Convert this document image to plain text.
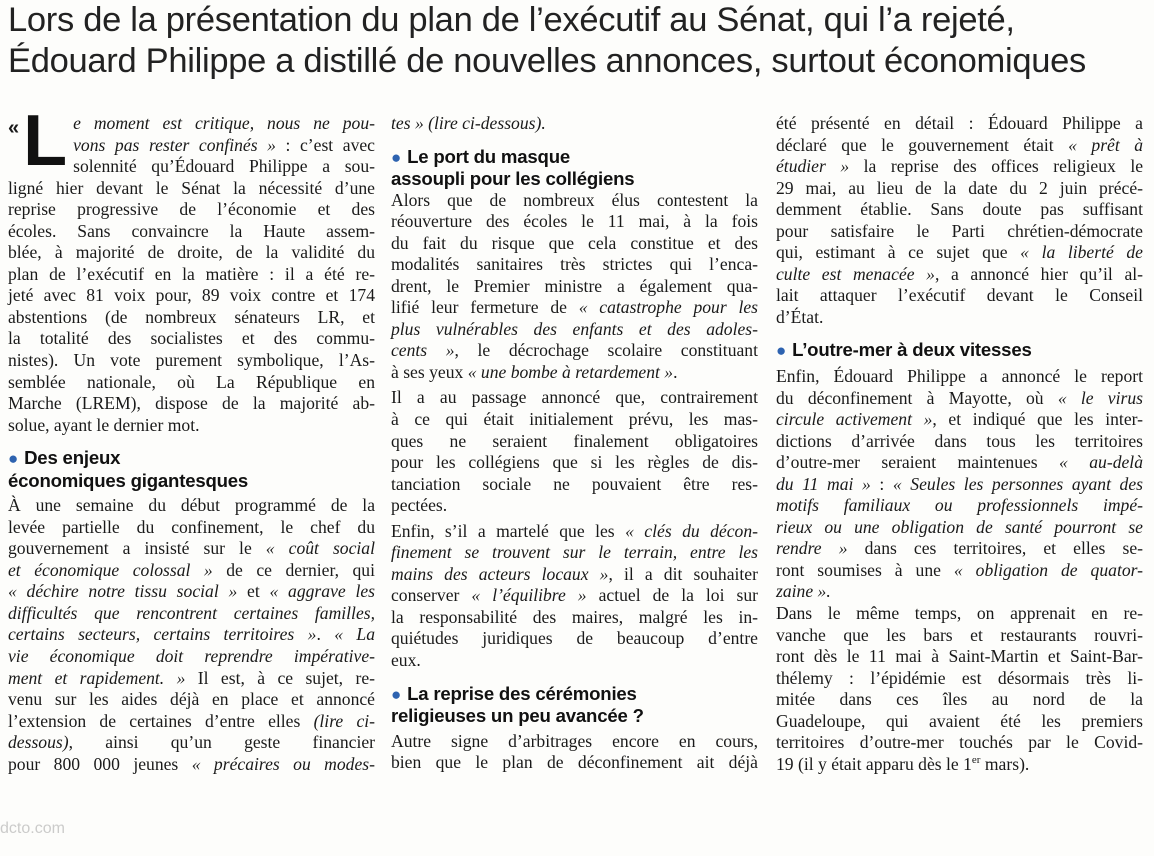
Lors de la présentation du plan de l’exécutif au Sénat, qui l’a rejeté,
Édouard Philippe a distillé de nouvelles annonces, surtout économiques
« L e moment est critique, nous ne pou-
vons pas rester confinés » : c’est avec
solennité qu’Édouard Philippe a sou-
ligné hier devant le Sénat la nécessité d’une
reprise progressive de l’économie et des
écoles. Sans convaincre la Haute assem-
blée, à majorité de droite, de la validité du
plan de l’exécutif en la matière : il a été re-
jeté avec 81 voix pour, 89 voix contre et 174
abstentions (de nombreux sénateurs LR, et
la totalité des socialistes et des commu-
nistes). Un vote purement symbolique, l’As-
semblée nationale, où La République en
Marche (LREM), dispose de la majorité ab-
solue, ayant le dernier mot.
● Des enjeux
économiques gigantesques
À une semaine du début programmé de la
levée partielle du confinement, le chef du
gouvernement a insisté sur le « coût social
et économique colossal » de ce dernier, qui
« déchire notre tissu social » et « aggrave les
difficultés que rencontrent certaines familles,
certains secteurs, certains territoires ». « La
vie économique doit reprendre impérative-
ment et rapidement. » Il est, à ce sujet, re-
venu sur les aides déjà en place et annoncé
l’extension de certaines d’entre elles (lire ci-
dessous), ainsi qu’un geste financier
pour 800 000 jeunes « précaires ou modes-
tes » (lire ci-dessous).
● Le port du masque
assoupli pour les collégiens
Alors que de nombreux élus contestent la
réouverture des écoles le 11 mai, à la fois
du fait du risque que cela constitue et des
modalités sanitaires très strictes qui l’enca-
drent, le Premier ministre a également qua-
lifié leur fermeture de « catastrophe pour les
plus vulnérables des enfants et des adoles-
cents », le décrochage scolaire constituant
à ses yeux « une bombe à retardement ».
Il a au passage annoncé que, contrairement
à ce qui était initialement prévu, les mas-
ques ne seraient finalement obligatoires
pour les collégiens que si les règles de dis-
tanciation sociale ne pouvaient être res-
pectées.
Enfin, s’il a martelé que les « clés du décon-
finement se trouvent sur le terrain, entre les
mains des acteurs locaux », il a dit souhaiter
conserver « l’équilibre » actuel de la loi sur
la responsabilité des maires, malgré les in-
quiétudes juridiques de beaucoup d’entre
eux.
● La reprise des cérémonies
religieuses un peu avancée ?
Autre signe d’arbitrages encore en cours,
bien que le plan de déconfinement ait déjà
été présenté en détail : Édouard Philippe a
déclaré que le gouvernement était « prêt à
étudier » la reprise des offices religieux le
29 mai, au lieu de la date du 2 juin précé-
demment établie. Sans doute pas suffisant
pour satisfaire le Parti chrétien-démocrate
qui, estimant à ce sujet que « la liberté de
culte est menacée », a annoncé hier qu’il al-
lait attaquer l’exécutif devant le Conseil
d’État.
● L’outre-mer à deux vitesses
Enfin, Édouard Philippe a annoncé le report
du déconfinement à Mayotte, où « le virus
circule activement », et indiqué que les inter-
dictions d’arrivée dans tous les territoires
d’outre-mer seraient maintenues « au-delà
du 11 mai » : « Seules les personnes ayant des
motifs familiaux ou professionnels impé-
rieux ou une obligation de santé pourront se
rendre » dans ces territoires, et elles se-
ront soumises à une « obligation de quator-
zaine ».
Dans le même temps, on apprenait en re-
vanche que les bars et restaurants rouvri-
ront dès le 11 mai à Saint-Martin et Saint-Bar-
thélemy : l’épidémie est désormais très li-
mitée dans ces îles au nord de la
Guadeloupe, qui avaient été les premiers
territoires d’outre-mer touchés par le Covid-
19 (il y était apparu dès le 1er mars).
dcto.com
